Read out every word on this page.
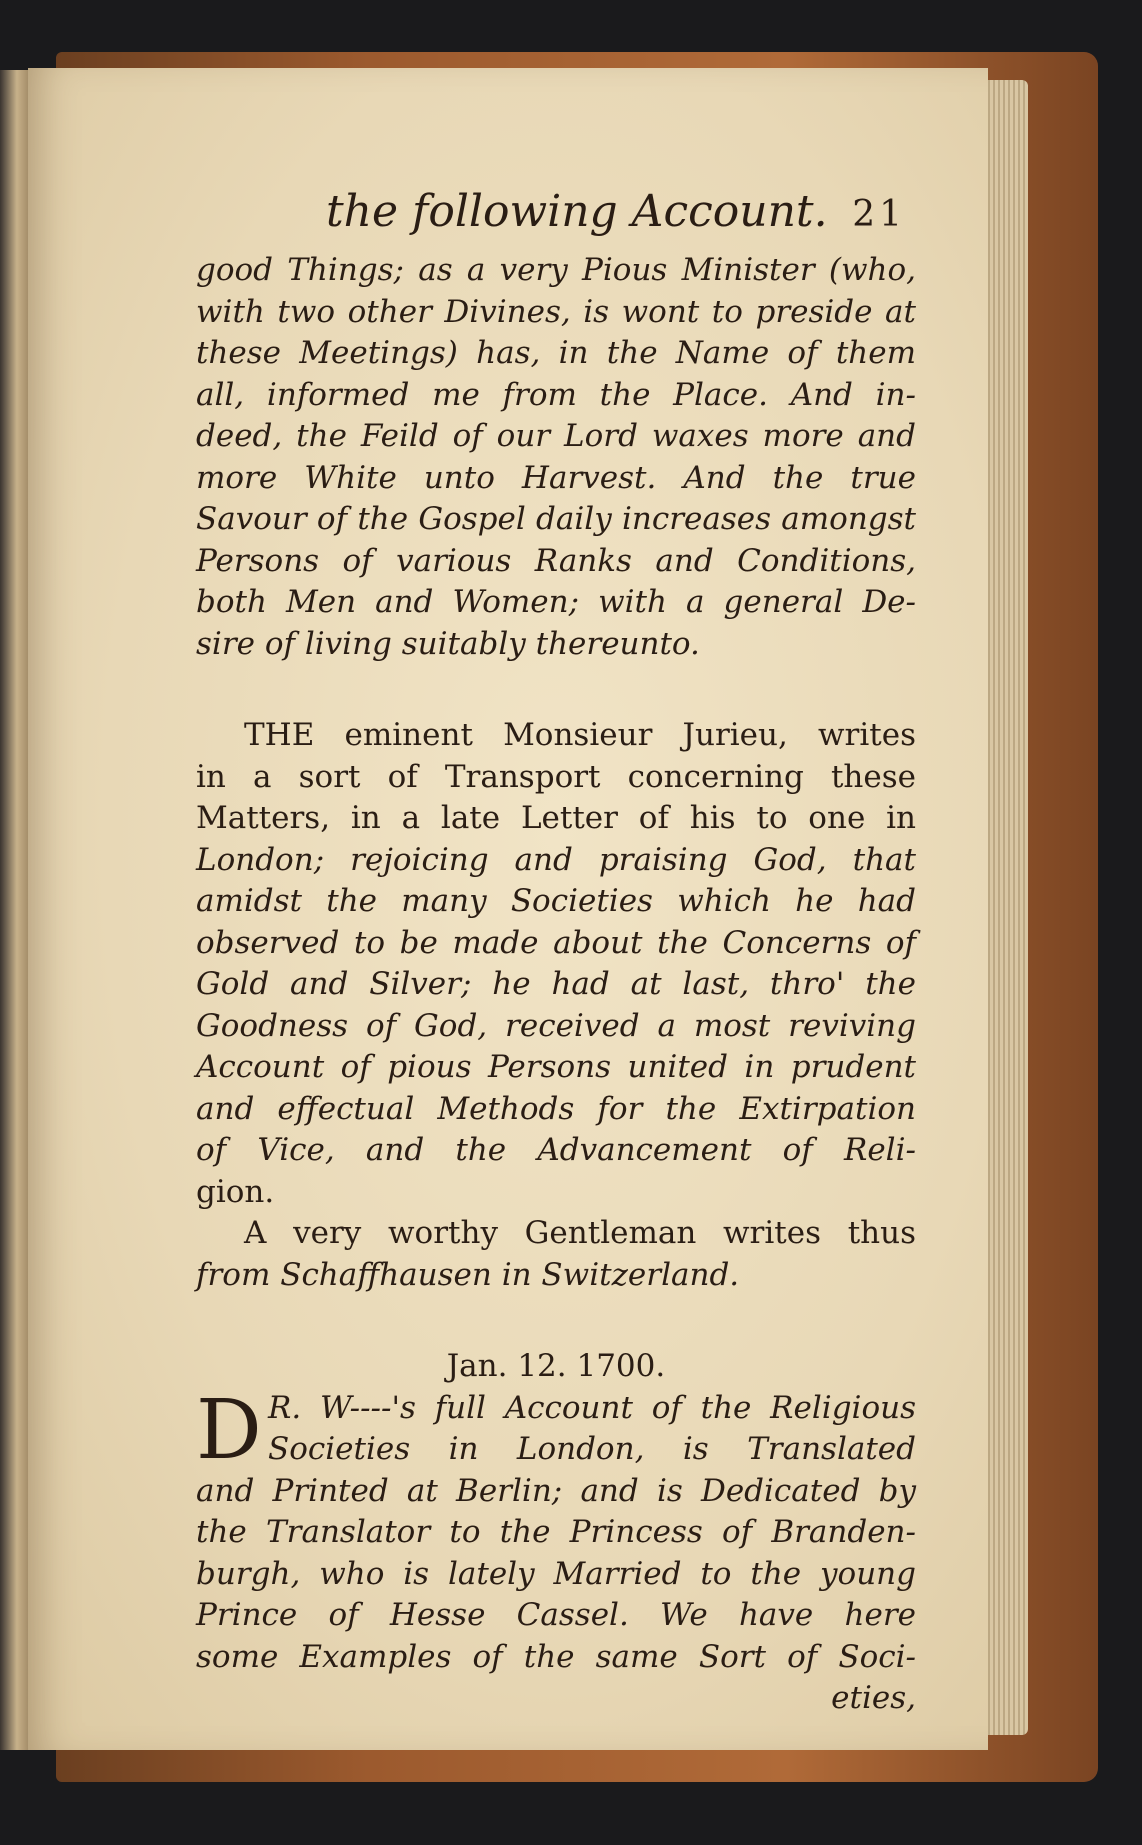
the following Account. 21
good Things; as a very Pious Minister (who,
with two other Divines, is wont to preside at
these Meetings) has, in the Name of them
all, informed me from the Place. And in-
deed, the Feild of our Lord waxes more and
more White unto Harvest. And the true
Savour of the Gospel daily increases amongst
Persons of various Ranks and Conditions,
both Men and Women; with a general De-
sire of living suitably thereunto.
THE eminent Monsieur Jurieu, writes
in a sort of Transport concerning these
Matters, in a late Letter of his to one in
London; rejoicing and praising God, that
amidst the many Societies which he had
observed to be made about the Concerns of
Gold and Silver; he had at last, thro' the
Goodness of God, received a most reviving
Account of pious Persons united in prudent
and effectual Methods for the Extirpation
of Vice, and the Advancement of Reli-
gion.
A very worthy Gentleman writes thus
from Schaffhausen in Switzerland.
Jan. 12. 1700.
D R. W----'s full Account of the Religious
Societies in London, is Translated
and Printed at Berlin; and is Dedicated by
the Translator to the Princess of Branden-
burgh, who is lately Married to the young
Prince of Hesse Cassel. We have here
some Examples of the same Sort of Soci-
eties,
